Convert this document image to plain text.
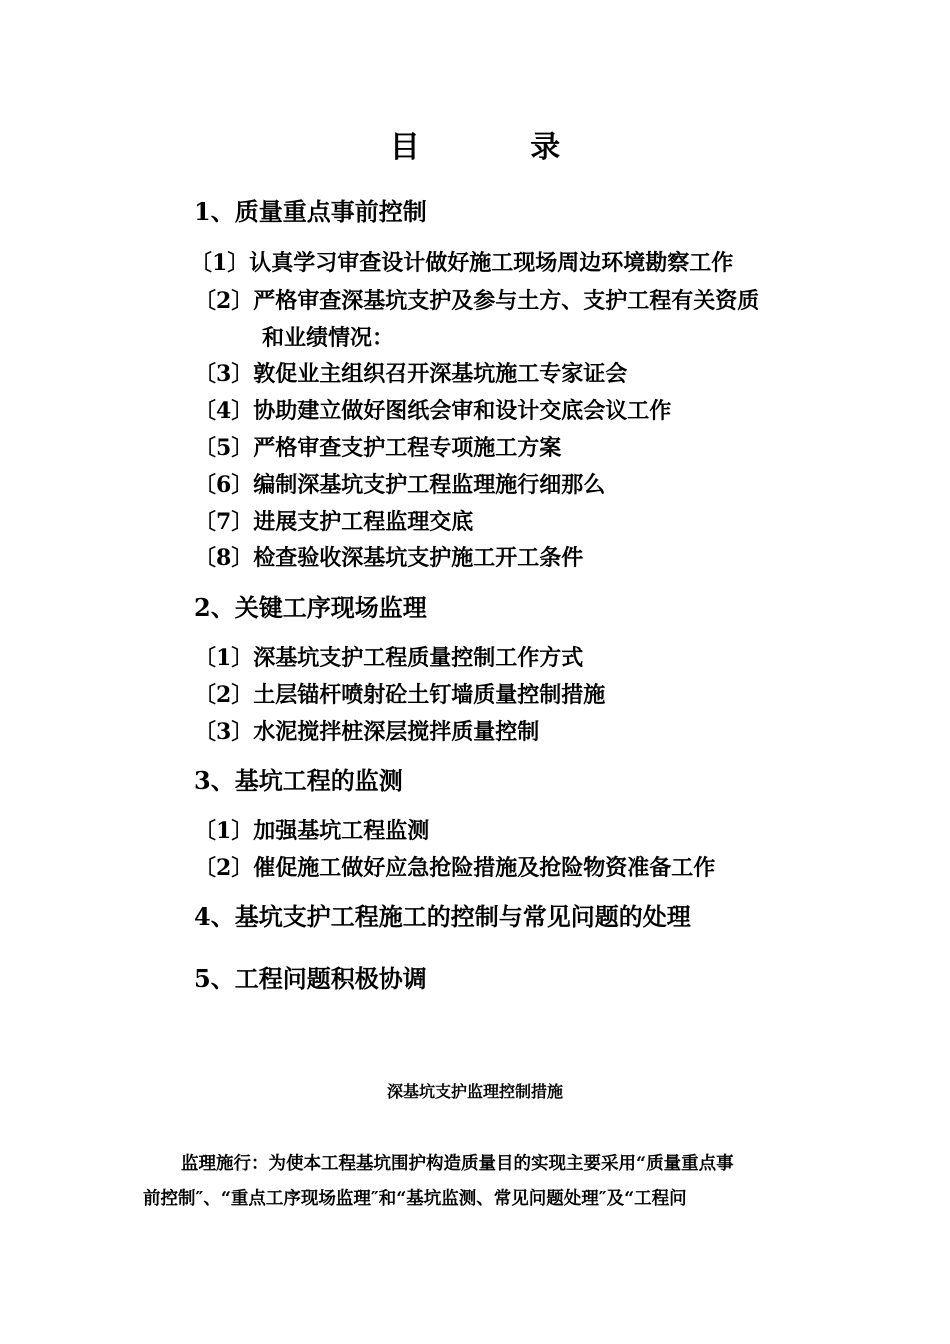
目 录
1、质量重点事前控制
〔1〕认真学习审查设计做好施工现场周边环境勘察工作
〔2〕严格审查深基坑支护及参与土方、支护工程有关资质
和业绩情况：
〔3〕敦促业主组织召开深基坑施工专家证会
〔4〕协助建立做好图纸会审和设计交底会议工作
〔5〕严格审查支护工程专项施工方案
〔6〕编制深基坑支护工程监理施行细那么
〔7〕进展支护工程监理交底
〔8〕检查验收深基坑支护施工开工条件
2、关键工序现场监理
〔1〕深基坑支护工程质量控制工作方式
〔2〕土层锚杆喷射砼土钉墙质量控制措施
〔3〕水泥搅拌桩深层搅拌质量控制
3、基坑工程的监测
〔1〕加强基坑工程监测
〔2〕催促施工做好应急抢险措施及抢险物资准备工作
4、基坑支护工程施工的控制与常见问题的处理
5、工程问题积极协调
深基坑支护监理控制措施
监理施行：为使本工程基坑围护构造质量目的实现主要采用“质量重点事
前控制″、“重点工序现场监理″和“基坑监测、常见问题处理″及“工程问
